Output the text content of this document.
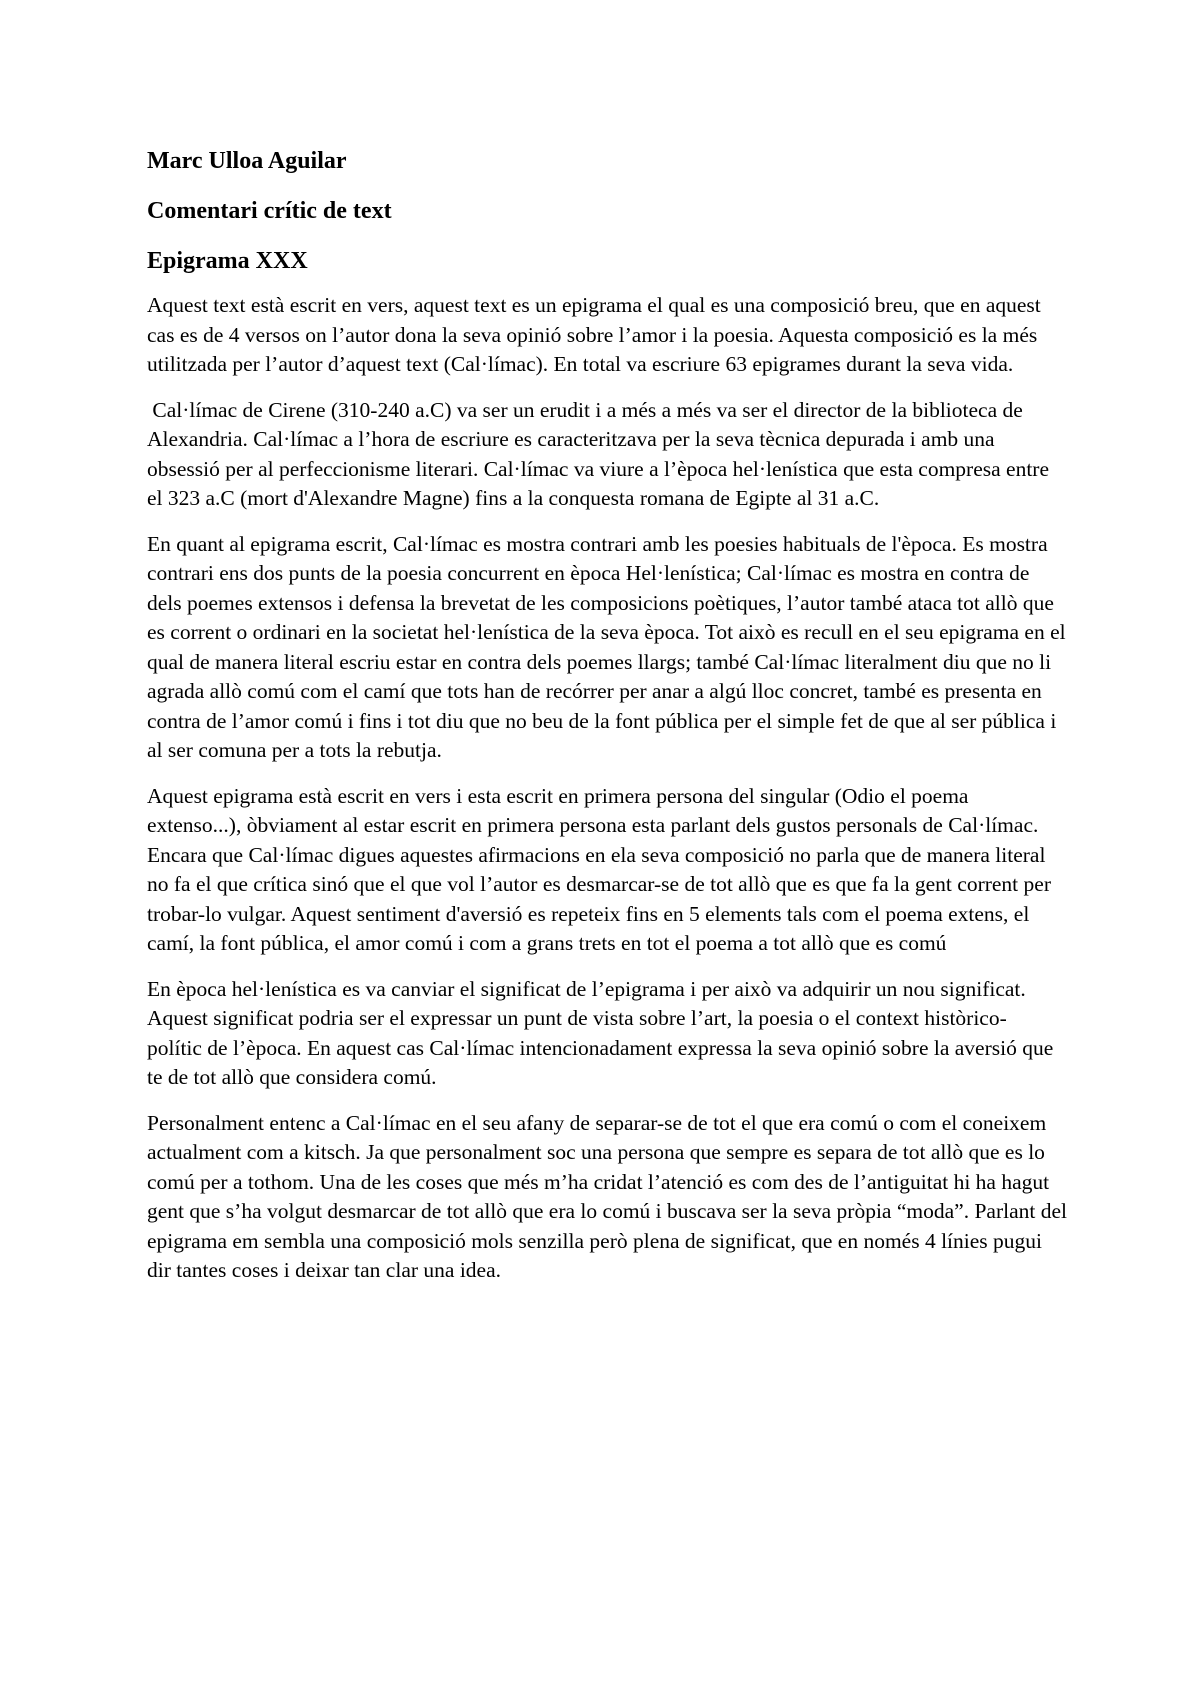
Marc Ulloa Aguilar
Comentari crític de text
Epigrama XXX

Aquest text està escrit en vers, aquest text es un epigrama el qual es una composició breu, que en aquest cas es de 4 versos on l’autor dona la seva opinió sobre l’amor i la poesia. Aquesta composició es la més utilitzada per l’autor d’aquest text (Cal·límac). En total va escriure 63 epigrames durant la seva vida.

Cal·límac de Cirene (310-240 a.C) va ser un erudit i a més a més va ser el director de la biblioteca de Alexandria. Cal·límac a l’hora de escriure es caracteritzava per la seva tècnica depurada i amb una obsessió per al perfeccionisme literari. Cal·límac va viure a l’època hel·lenística que esta compresa entre el 323 a.C (mort d'Alexandre Magne) fins a la conquesta romana de Egipte al 31 a.C.

En quant al epigrama escrit, Cal·límac es mostra contrari amb les poesies habituals de l'època. Es mostra contrari ens dos punts de la poesia concurrent en època Hel·lenística; Cal·límac es mostra en contra de dels poemes extensos i defensa la brevetat de les composicions poètiques, l’autor també ataca tot allò que es corrent o ordinari en la societat hel·lenística de la seva època. Tot això es recull en el seu epigrama en el qual de manera literal escriu estar en contra dels poemes llargs; també Cal·límac literalment diu que no li agrada allò comú com el camí que tots han de recórrer per anar a algú lloc concret, també es presenta en contra de l’amor comú i fins i tot diu que no beu de la font pública per el simple fet de que al ser pública i al ser comuna per a tots la rebutja.

Aquest epigrama està escrit en vers i esta escrit en primera persona del singular (Odio el poema extenso...), òbviament al estar escrit en primera persona esta parlant dels gustos personals de Cal·límac. Encara que Cal·límac digues aquestes afirmacions en ela seva composició no parla que de manera literal no fa el que crítica sinó que el que vol l’autor es desmarcar-se de tot allò que es que fa la gent corrent per trobar-lo vulgar. Aquest sentiment d'aversió es repeteix fins en 5 elements tals com el poema extens, el camí, la font pública, el amor comú i com a grans trets en tot el poema a tot allò que es comú

En època hel·lenística es va canviar el significat de l’epigrama i per això va adquirir un nou significat. Aquest significat podria ser el expressar un punt de vista sobre l’art, la poesia o el context històrico- polític de l’època. En aquest cas Cal·límac intencionadament expressa la seva opinió sobre la aversió que te de tot allò que considera comú.

Personalment entenc a Cal·límac en el seu afany de separar-se de tot el que era comú o com el coneixem actualment com a kitsch. Ja que personalment soc una persona que sempre es separa de tot allò que es lo comú per a tothom. Una de les coses que més m’ha cridat l’atenció es com des de l’antiguitat hi ha hagut gent que s’ha volgut desmarcar de tot allò que era lo comú i buscava ser la seva pròpia “moda”. Parlant del epigrama em sembla una composició mols senzilla però plena de significat, que en només 4 línies pugui dir tantes coses i deixar tan clar una idea.
